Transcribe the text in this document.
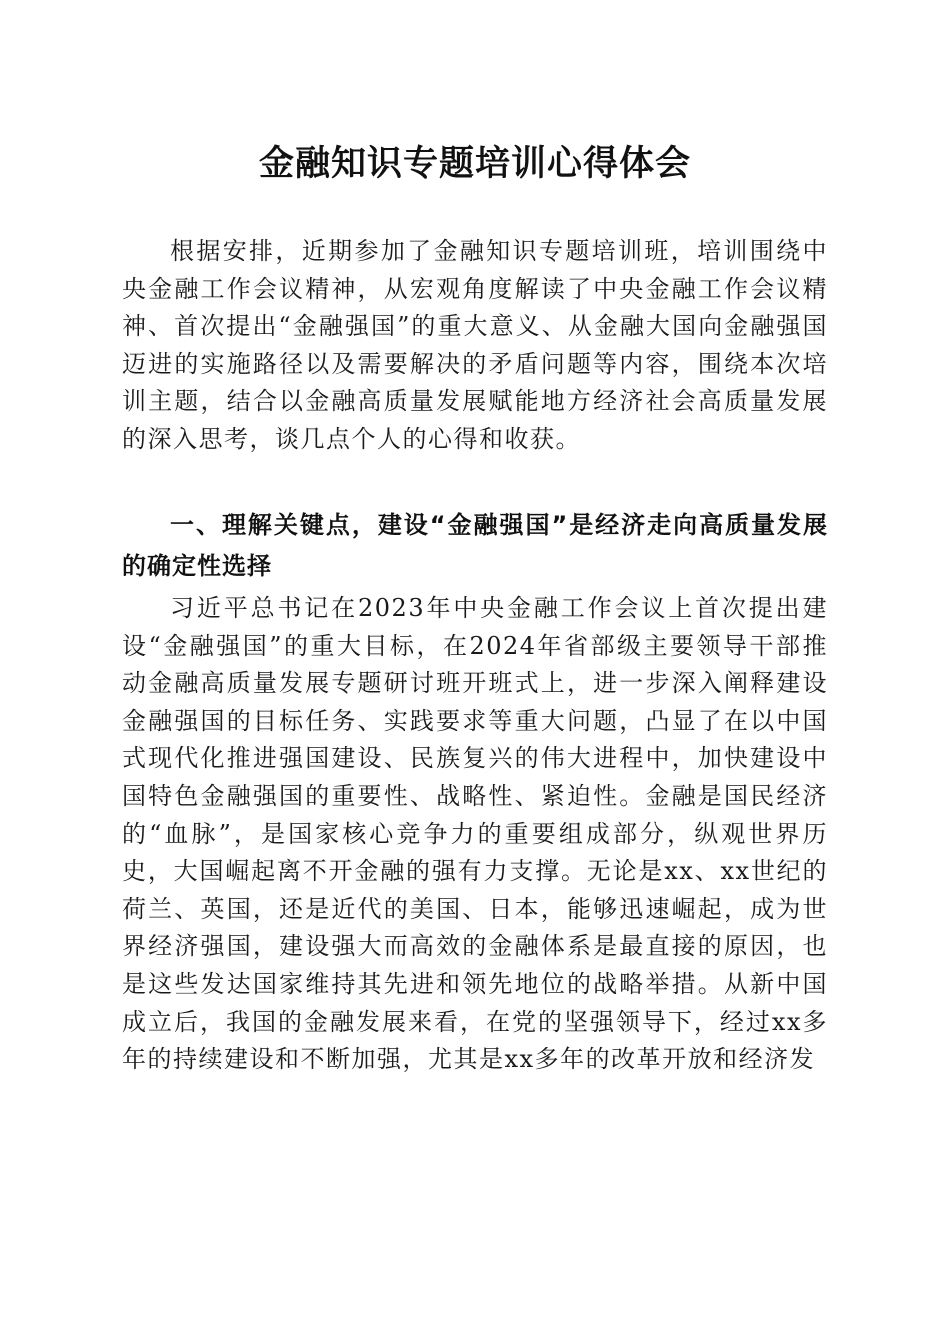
金融知识专题培训心得体会

根据安排，近期参加了金融知识专题培训班，培训围绕中央金融工作会议精神，从宏观角度解读了中央金融工作会议精神、首次提出“金融强国”的重大意义、从金融大国向金融强国迈进的实施路径以及需要解决的矛盾问题等内容，围绕本次培训主题，结合以金融高质量发展赋能地方经济社会高质量发展的深入思考，谈几点个人的心得和收获。

一、理解关键点，建设“金融强国”是经济走向高质量发展的确定性选择

习近平总书记在2023年中央金融工作会议上首次提出建设“金融强国”的重大目标，在2024年省部级主要领导干部推动金融高质量发展专题研讨班开班式上，进一步深入阐释建设金融强国的目标任务、实践要求等重大问题，凸显了在以中国式现代化推进强国建设、民族复兴的伟大进程中，加快建设中国特色金融强国的重要性、战略性、紧迫性。金融是国民经济的“血脉”，是国家核心竞争力的重要组成部分，纵观世界历史，大国崛起离不开金融的强有力支撑。无论是xx、xx世纪的荷兰、英国，还是近代的美国、日本，能够迅速崛起，成为世界经济强国，建设强大而高效的金融体系是最直接的原因，也是这些发达国家维持其先进和领先地位的战略举措。从新中国成立后，我国的金融发展来看，在党的坚强领导下，经过xx多年的持续建设和不断加强，尤其是xx多年的改革开放和经济发
